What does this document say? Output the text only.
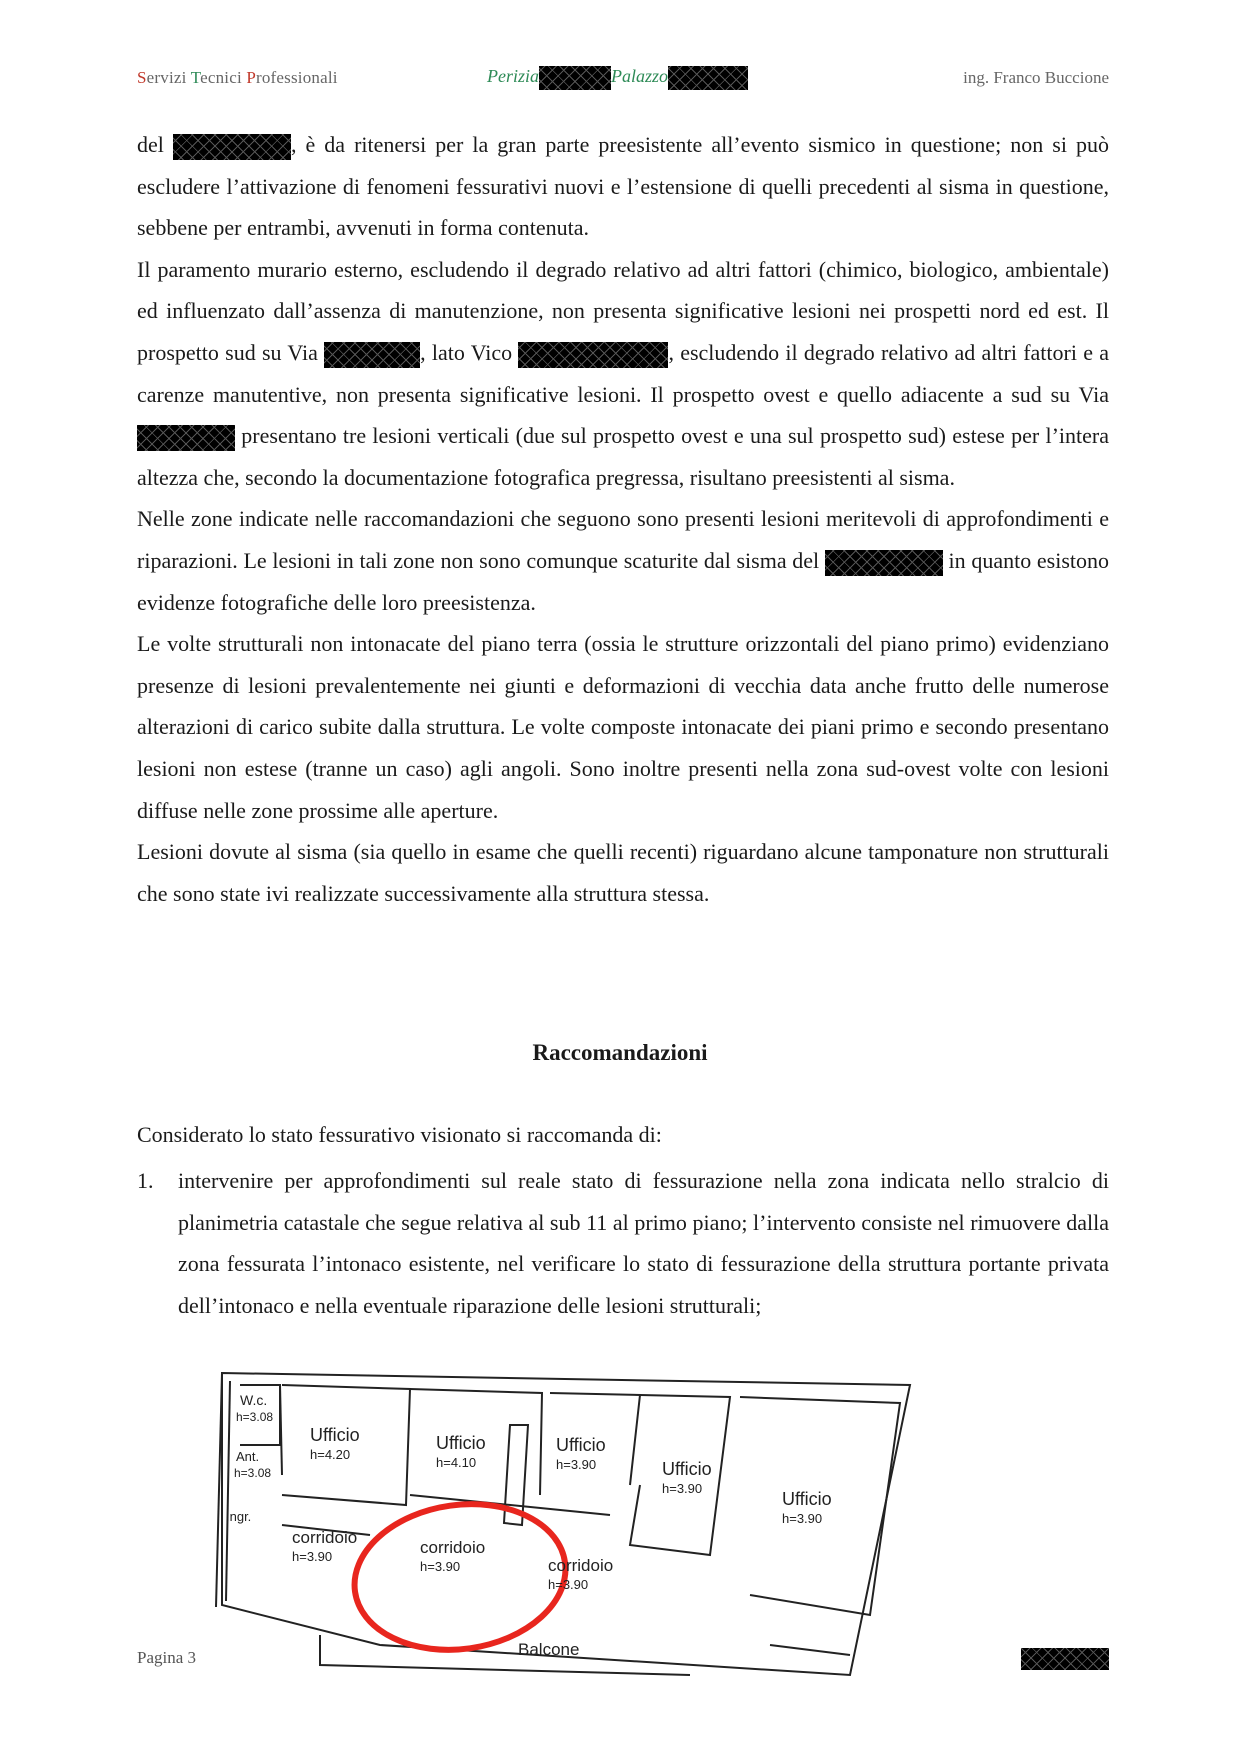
Servizi Tecnici Professionali	Perizia	Palazzo	ing. Franco Buccione

del	, è da ritenersi per la gran parte preesistente all’evento sismico in questione; non si può escludere l’attivazione di fenomeni fessurativi nuovi e l’estensione di quelli precedenti al sisma in questione, sebbene per entrambi, avvenuti in forma contenuta.

Il paramento murario esterno, escludendo il degrado relativo ad altri fattori (chimico, biologico, ambientale) ed influenzato dall’assenza di manutenzione, non presenta significative lesioni nei prospetti nord ed est. Il prospetto sud su Via	, lato Vico	, escludendo il degrado relativo ad altri fattori e a carenze manutentive, non presenta significative lesioni. Il prospetto ovest e quello adiacente a sud su Via  presentano tre lesioni verticali (due sul prospetto ovest e una sul prospetto sud) estese per l’intera altezza che, secondo la documentazione fotografica pregressa, risultano preesistenti al sisma.

Nelle zone indicate nelle raccomandazioni che seguono sono presenti lesioni meritevoli di approfondimenti e riparazioni. Le lesioni in tali zone non sono comunque scaturite dal sisma del	in quanto esistono evidenze fotografiche delle loro preesistenza.

Le volte strutturali non intonacate del piano terra (ossia le strutture orizzontali del piano primo) evidenziano presenze di lesioni prevalentemente nei giunti e deformazioni di vecchia data anche frutto delle numerose alterazioni di carico subite dalla struttura. Le volte composte intonacate dei piani primo e secondo presentano lesioni non estese (tranne un caso) agli angoli. Sono inoltre presenti nella zona sud-ovest volte con lesioni diffuse nelle zone prossime alle aperture.

Lesioni dovute al sisma (sia quello in esame che quelli recenti) riguardano alcune tamponature non strutturali che sono state ivi realizzate successivamente alla struttura stessa.

Raccomandazioni
Considerato lo stato fessurativo visionato si raccomanda di:
1. intervenire per approfondimenti sul reale stato di fessurazione nella zona indicata nello stralcio di planimetria catastale che segue relativa al sub 11 al primo piano; l’intervento consiste nel rimuovere dalla zona fessurata l’intonaco esistente, nel verificare lo stato di fessurazione della struttura portante privata dell’intonaco e nella eventuale riparazione delle lesioni strutturali;
W.c.
h=3.08
Ant.
h=3.08
Ingr.
Ufficio
h=4.20
Ufficio
h=4.10
Ufficio
h=3.90	Ufficio
h=3.90
Ufficio
h=3.90
corridoio
h=3.90	corridoio
h=3.90	corridoio
h=3.90
Balcone
Pagina 3
